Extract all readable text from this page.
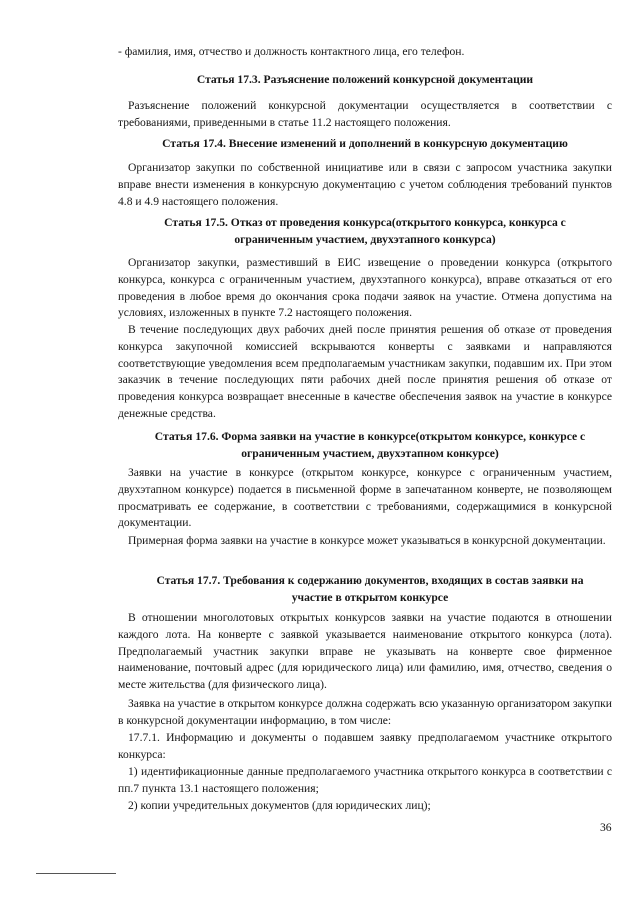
- фамилия, имя, отчество и должность контактного лица, его телефон.

Статья 17.3. Разъяснение положений конкурсной документации

Разъяснение положений конкурсной документации осуществляется в соответствии с требованиями, приведенными в статье 11.2 настоящего положения.

Статья 17.4. Внесение изменений и дополнений в конкурсную документацию

Организатор закупки по собственной инициативе или в связи с запросом участника закупки вправе внести изменения в конкурсную документацию с учетом соблюдения требований пунктов 4.8 и 4.9 настоящего положения.

Статья 17.5. Отказ от проведения конкурса(открытого конкурса, конкурса с ограниченным участием, двухэтапного конкурса)

Организатор закупки, разместивший в ЕИС извещение о проведении конкурса (открытого конкурса, конкурса с ограниченным участием, двухэтапного конкурса), вправе отказаться от его проведения в любое время до окончания срока подачи заявок на участие. Отмена допустима на условиях, изложенных в пункте 7.2 настоящего положения.

В течение последующих двух рабочих дней после принятия решения об отказе от проведения конкурса закупочной комиссией вскрываются конверты с заявками и направляются соответствующие уведомления всем предполагаемым участникам закупки, подавшим их. При этом заказчик в течение последующих пяти рабочих дней после принятия решения об отказе от проведения конкурса возвращает внесенные в качестве обеспечения заявок на участие в конкурсе денежные средства.

Статья 17.6. Форма заявки на участие в конкурсе(открытом конкурсе, конкурсе с ограниченным участием, двухэтапном конкурсе)

Заявки на участие в конкурсе (открытом конкурсе, конкурсе с ограниченным участием, двухэтапном конкурсе) подается в письменной форме в запечатанном конверте, не позволяющем просматривать ее содержание, в соответствии с требованиями, содержащимися в конкурсной документации.

Примерная форма заявки на участие в конкурсе может указываться в конкурсной документации.

Статья 17.7. Требования к содержанию документов, входящих в состав заявки на участие в открытом конкурсе

В отношении многолотовых открытых конкурсов заявки на участие подаются в отношении каждого лота. На конверте с заявкой указывается наименование открытого конкурса (лота). Предполагаемый участник закупки вправе не указывать на конверте свое фирменное наименование, почтовый адрес (для юридического лица) или фамилию, имя, отчество, сведения о месте жительства (для физического лица).

Заявка на участие в открытом конкурсе должна содержать всю указанную организатором закупки в конкурсной документации информацию, в том числе:

17.7.1. Информацию и документы о подавшем заявку предполагаемом участнике открытого конкурса:

1) идентификационные данные предполагаемого участника открытого конкурса в соответствии с пп.7 пункта 13.1 настоящего положения;

2) копии учредительных документов (для юридических лиц);

36
